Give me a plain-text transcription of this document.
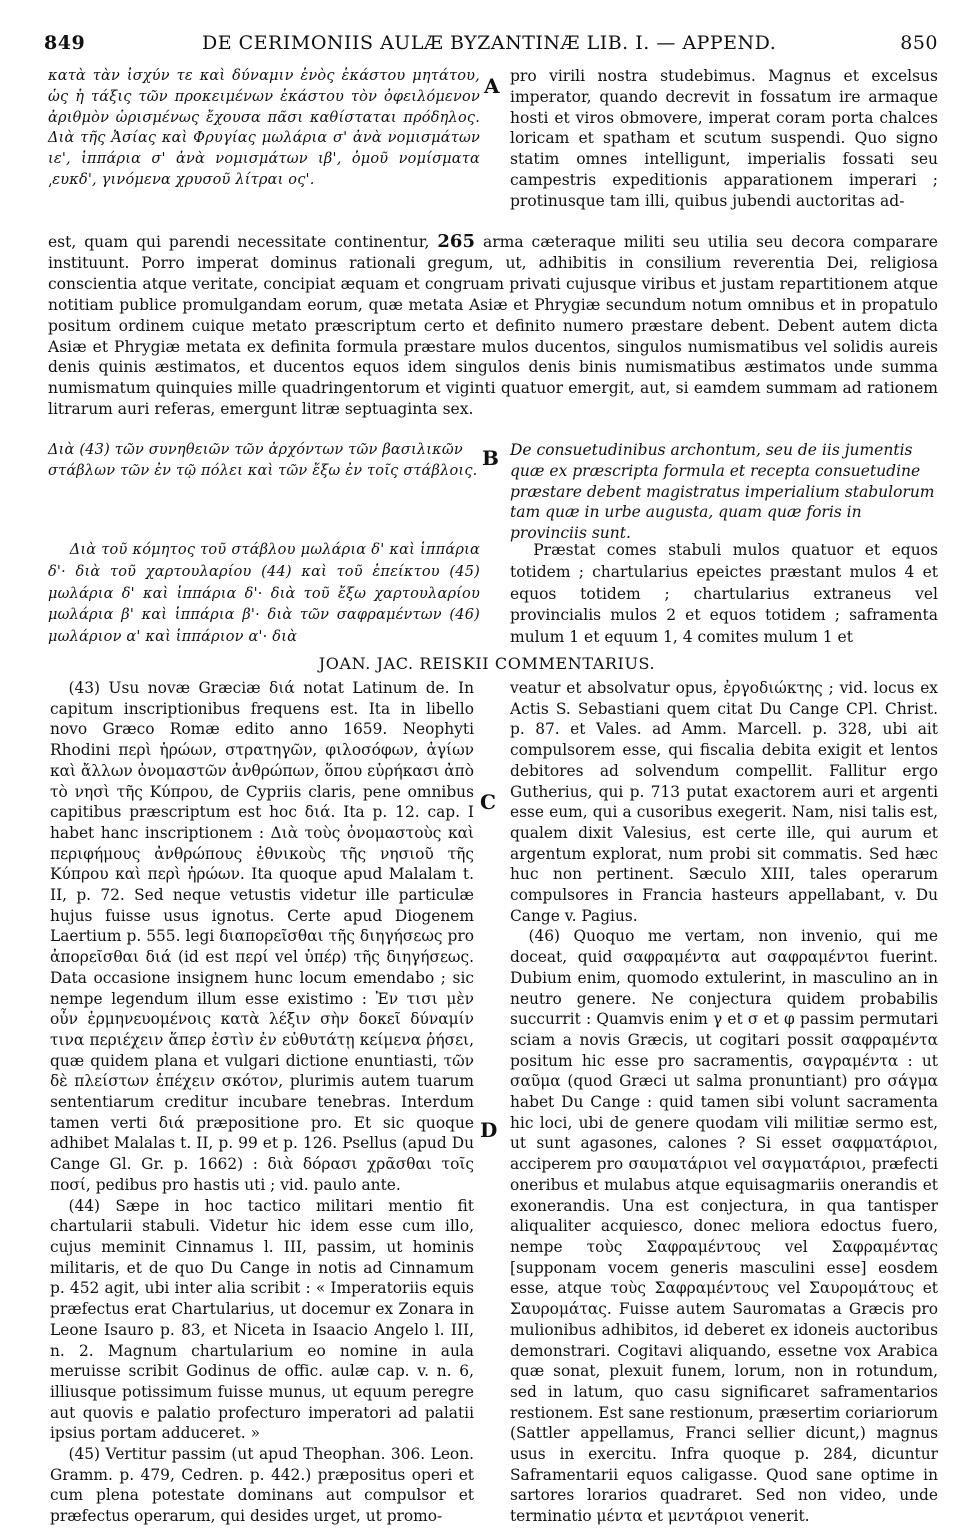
849	DE CERIMONIIS AULÆ BYZANTINÆ LIB. I. — APPEND.	850

κατὰ τὰν ἰσχύν τε καὶ δύναμιν ἑνὸς ἑκάστου μητάτου, ὡς ἡ τάξις τῶν προκειμένων ἑκάστου τὸν ὀφειλόμενον ἀριθμὸν ὡρισμένως ἔχουσα πᾶσι καθίσταται πρόδηλος. Διὰ τῆς Ἀσίας καὶ Φρυγίας μωλάρια σ' ἀνὰ νομισμάτων ιε', ἱππάρια σ' ἀνὰ νομισμάτων ιβ', ὁμοῦ νομίσματα ͵ευκδ', γινόμενα χρυσοῦ λίτραι ος'.

A pro virili nostra studebimus. Magnus et excelsus imperator, quando decrevit in fossatum ire armaque hosti et viros obmovere, imperat coram porta chalces loricam et spatham et scutum suspendi. Quo signo statim omnes intelligunt, imperialis fossati seu campestris expeditionis apparationem imperari ; protinusque tam illi, quibus jubendi auctoritas ad-

est, quam qui parendi necessitate continentur, 265 arma cæteraque militi seu utilia seu decora comparare instituunt. Porro imperat dominus rationali gregum, ut, adhibitis in consilium reverentia Dei, religiosa conscientia atque veritate, concipiat æquam et congruam privati cujusque viribus et justam repartitionem atque notitiam publice promulgandam eorum, quæ metata Asiæ et Phrygiæ secundum notum omnibus et in propatulo positum ordinem cuique metato præscriptum certo et definito numero præstare debent. Debent autem dicta Asiæ et Phrygiæ metata ex definita formula præstare mulos ducentos, singulos numismatibus vel solidis aureis denis quinis æstimatos, et ducentos equos idem singulos denis binis numismatibus æstimatos unde summa numismatum quinquies mille quadringentorum et viginti quatuor emergit, aut, si eamdem summam ad rationem litrarum auri referas, emergunt litræ septuaginta sex.

Διὰ (43) τῶν συνηθειῶν τῶν ἀρχόντων τῶν βασιλικῶν στάβλων τῶν ἐν τῷ πόλει καὶ τῶν ἔξω ἐν τοῖς στάβλοις.

B De consuetudinibus archontum, seu de iis jumentis quæ ex præscripta formula et recepta consuetudine præstare debent magistratus imperialium stabulorum tam quæ in urbe augusta, quam quæ foris in provinciis sunt.

Διὰ τοῦ κόμητος τοῦ στάβλου μωλάρια δ' καὶ ἱππάρια δ'· διὰ τοῦ χαρτουλαρίου (44) καὶ τοῦ ἐπείκτου (45) μωλάρια δ' καὶ ἱππάρια δ'· διὰ τοῦ ἔξω χαρτουλαρίου μωλάρια β' καὶ ἱππάρια β'· διὰ τῶν σαφραμέντων (46) μωλάριον α' καὶ ἱππάριον α'· διὰ

Præstat comes stabuli mulos quatuor et equos totidem ; chartularius epeictes præstant mulos 4 et equos totidem ; chartularius extraneus vel provincialis mulos 2 et equos totidem ; saframenta mulum 1 et equum 1, 4 comites mulum 1 et

JOAN. JAC. REISKII COMMENTARIUS.

(43) Usu novæ Græciæ διά notat Latinum de. In capitum inscriptionibus frequens est. Ita in libello novo Græco Romæ edito anno 1659. Neophyti Rhodini περὶ ἡρώων, στρατηγῶν, φιλοσόφων, ἁγίων καὶ ἄλλων ὀνομαστῶν ἀνθρώπων, ὅπου εὑρήκασι ἀπὸ τὸ νησὶ τῆς Κύπρου, de Cypriis claris, pene omnibus capitibus præscriptum est hoc διά. Ita p. 12. cap. I habet hanc inscriptionem : Διὰ τοὺς ὀνομαστοὺς καὶ περιφήμους ἀνθρώπους ἐθνικοὺς τῆς νησιοῦ τῆς Κύπρου καὶ περὶ ἡρώων. Ita quoque apud Malalam t. II, p. 72. Sed neque vetustis videtur ille particulæ hujus fuisse usus ignotus. Certe apud Diogenem Laertium p. 555. legi διαπορεῖσθαι τῆς διηγήσεως pro ἀπορεῖσθαι διά (id est περί vel ὑπέρ) τῆς διηγήσεως. Data occasione insignem hunc locum emendabo ; sic nempe legendum illum esse existimo : Ἐν τισι μὲν οὖν ἑρμηνευομένοις κατὰ λέξιν σὴν δοκεῖ δύναμίν τινα περιέχειν ἅπερ ἐστὶν ἐν εὐθυτάτῃ κείμενα ῥήσει, quæ quidem plana et vulgari dictione enuntiasti, τῶν δὲ πλείστων ἐπέχειν σκότον, plurimis autem tuarum sententiarum creditur incubare tenebras. Interdum tamen verti διά præpositione pro. Et sic quoque adhibet Malalas t. II, p. 99 et p. 126. Psellus (apud Du Cange Gl. Gr. p. 1662) : διὰ δόρασι χρᾶσθαι τοῖς ποσί, pedibus pro hastis uti ; vid. paulo ante.

(44) Sæpe in hoc tactico militari mentio fit chartularii stabuli. Videtur hic idem esse cum illo, cujus meminit Cinnamus l. III, passim, ut hominis militaris, et de quo Du Cange in notis ad Cinnamum p. 452 agit, ubi inter alia scribit : « Imperatoriis equis præfectus erat Chartularius, ut docemur ex Zonara in Leone Isauro p. 83, et Niceta in Isaacio Angelo l. III, n. 2. Magnum chartularium eo nomine in aula meruisse scribit Godinus de offic. aulæ cap. v. n. 6, illiusque potissimum fuisse munus, ut equum peregre aut quovis e palatio profecturo imperatori ad palatii ipsius portam adduceret. »

(45) Vertitur passim (ut apud Theophan. 306. Leon. Gramm. p. 479, Cedren. p. 442.) præpositus operi et cum plena potestate dominans aut compulsor et præfectus operarum, qui desides urget, ut promo-

C
D

veatur et absolvatur opus, ἐργοδιώκτης ; vid. locus ex Actis S. Sebastiani quem citat Du Cange CPl. Christ. p. 87. et Vales. ad Amm. Marcell. p. 328, ubi ait compulsorem esse, qui fiscalia debita exigit et lentos debitores ad solvendum compellit. Fallitur ergo Gutherius, qui p. 713 putat exactorem auri et argenti esse eum, qui a cusoribus exegerit. Nam, nisi talis est, qualem dixit Valesius, est certe ille, qui aurum et argentum explorat, num probi sit commatis. Sed hæc huc non pertinent. Sæculo XIII, tales operarum compulsores in Francia hasteurs appellabant, v. Du Cange v. Pagius.

(46) Quoquo me vertam, non invenio, qui me doceat, quid σαφραμέντα aut σαφραμέντοι fuerint. Dubium enim, quomodo extulerint, in masculino an in neutro genere. Ne conjectura quidem probabilis succurrit : Quamvis enim γ et σ et φ passim permutari sciam a novis Græcis, ut cogitari possit σαφραμέντα positum hic esse pro sacramentis, σαγραμέντα : ut σαῦμα (quod Græci ut salma pronuntiant) pro σάγμα habet Du Cange : quid tamen sibi volunt sacramenta hic loci, ubi de genere quodam vili militiæ sermo est, ut sunt agasones, calones ? Si esset σαφματάριοι, acciperem pro σαυματάριοι vel σαγματάριοι, præfecti oneribus et mulabus atque equisagmariis onerandis et exonerandis. Una est conjectura, in qua tantisper aliqualiter acquiesco, donec meliora edoctus fuero, nempe τοὺς Σαφραμέντους vel Σαφραμέντας [supponam vocem generis masculini esse] eosdem esse, atque τοὺς Σαφραμέντους vel Σαυρομάτους et Σαυρομάτας. Fuisse autem Sauromatas a Græcis pro mulionibus adhibitos, id deberet ex idoneis auctoribus demonstrari. Cogitavi aliquando, essetne vox Arabica quæ sonat, plexuit funem, lorum, non in rotundum, sed in latum, quo casu significaret saframentarios restionem. Est sane restionum, præsertim coriariorum (Sattler appellamus, Franci sellier dicunt,) magnus usus in exercitu. Infra quoque p. 284, dicuntur Saframentarii equos caligasse. Quod sane optime in sartores lorarios quadraret. Sed non video, unde terminatio μέντα et μεντάριοι venerit.
